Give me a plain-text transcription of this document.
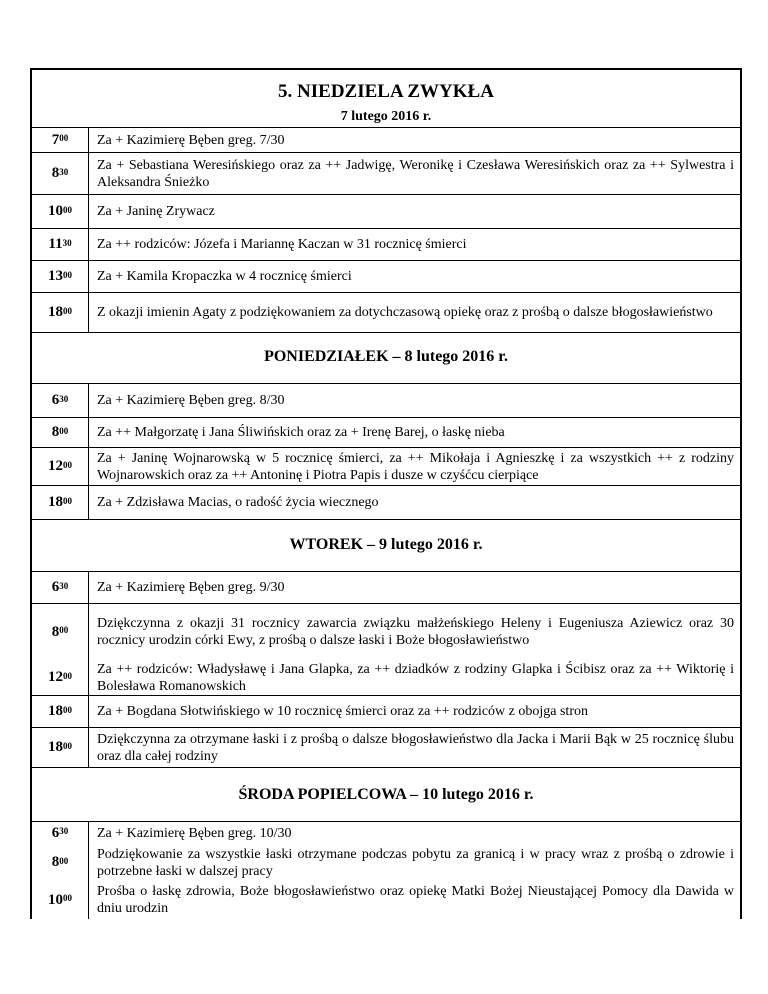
5. NIEDZIELA ZWYKŁA
7 lutego 2016 r.
$7^{00}$ Za + Kazimierę Bęben greg. 7/30
$8^{30}$ Za + Sebastiana Weresińskiego oraz za ++ Jadwigę, Weronikę i Czesława Weresińskich oraz za ++ Sylwestra i Aleksandra Śnieżko
$10^{00}$ Za + Janinę Zrywacz
$11^{30}$ Za ++ rodziców: Józefa i Mariannę Kaczan w 31 rocznicę śmierci
$13^{00}$ Za + Kamila Kropaczka w 4 rocznicę śmierci
$18^{00}$ Z okazji imienin Agaty z podziękowaniem za dotychczasową opiekę oraz z prośbą o dalsze błogosławieństwo
PONIEDZIAŁEK – 8 lutego 2016 r.
$6^{30}$ Za + Kazimierę Bęben greg. 8/30
$8^{00}$ Za ++ Małgorzatę i Jana Śliwińskich oraz za + Irenę Barej, o łaskę nieba
$12^{00}$ Za + Janinę Wojnarowską w 5 rocznicę śmierci, za ++ Mikołaja i Agnieszkę i za wszystkich ++ z rodziny Wojnarowskich oraz za ++ Antoninę i Piotra Papis i dusze w czyśćcu cierpiące
$18^{00}$ Za + Zdzisława Macias, o radość życia wiecznego
WTOREK – 9 lutego 2016 r.
$6^{30}$ Za + Kazimierę Bęben greg. 9/30
$8^{00}$ Dziękczynna z okazji 31 rocznicy zawarcia związku małżeńskiego Heleny i Eugeniusza Aziewicz oraz 30 rocznicy urodzin córki Ewy, z prośbą o dalsze łaski i Boże błogosławieństwo
$12^{00}$ Za ++ rodziców: Władysławę i Jana Glapka, za ++ dziadków z rodziny Glapka i Ścibisz oraz za ++ Wiktorię i Bolesława Romanowskich
$18^{00}$ Za + Bogdana Słotwińskiego w 10 rocznicę śmierci oraz za ++ rodziców z obojga stron
$18^{00}$ Dziękczynna za otrzymane łaski i z prośbą o dalsze błogosławieństwo dla Jacka i Marii Bąk w 25 rocznicę ślubu oraz dla całej rodziny
ŚRODA POPIELCOWA – 10 lutego 2016 r.
$6^{30}$ Za + Kazimierę Bęben greg. 10/30
$8^{00}$ Podziękowanie za wszystkie łaski otrzymane podczas pobytu za granicą i w pracy wraz z prośbą o zdrowie i potrzebne łaski w dalszej pracy
$10^{00}$ Prośba o łaskę zdrowia, Boże błogosławieństwo oraz opiekę Matki Bożej Nieustającej Pomocy dla Dawida w dniu urodzin
